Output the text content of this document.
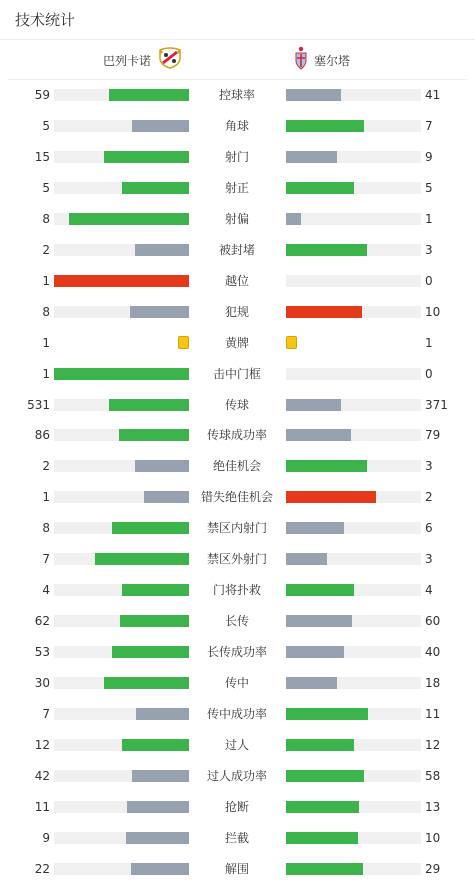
技术统计
巴列卡诺	塞尔塔
59	控球率	41
5	角球	7
15	射门	9
5	射正	5
8	射偏	1
2	被封堵	3
1	越位	0
8	犯规	10
1	黄牌	1
1	击中门框	0
531	传球	371
86	传球成功率	79
2	绝佳机会	3
1	错失绝佳机会	2
8	禁区内射门	6
7	禁区外射门	3
4	门将扑救	4
62	长传	60
53	长传成功率	40
30	传中	18
7	传中成功率	11
12	过人	12
42	过人成功率	58
11	抢断	13
9	拦截	10
22	解围	29
